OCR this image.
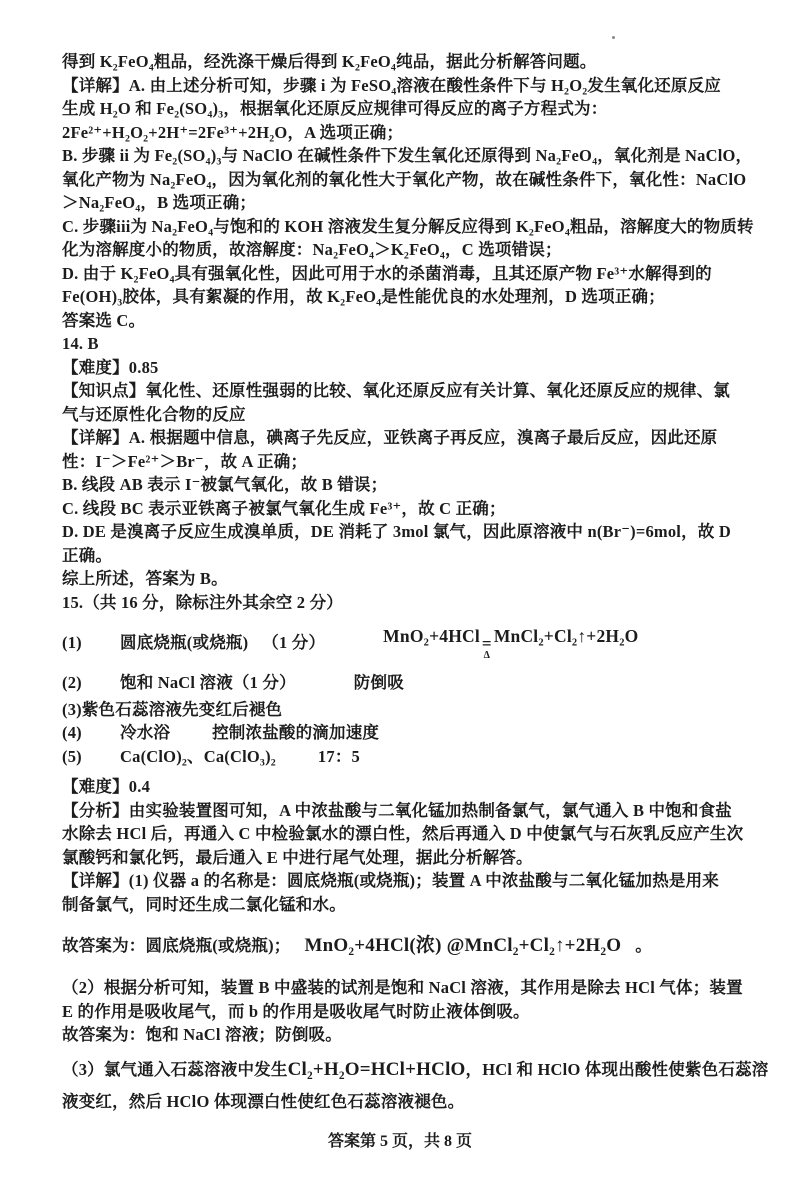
得到 K₂FeO₄粗品，经洗涤干燥后得到 K₂FeO₄纯品，据此分析解答问题。

【详解】A. 由上述分析可知，步骤 i 为 FeSO₄溶液在酸性条件下与 H₂O₂发生氧化还原反应

生成 H₂O 和 Fe₂(SO₄)₃，根据氧化还原反应规律可得反应的离子方程式为：

2Fe²⁺+H₂O₂+2H⁺=2Fe³⁺+2H₂O，A 选项正确；

B. 步骤 ii 为 Fe₂(SO₄)₃与 NaClO 在碱性条件下发生氧化还原得到 Na₂FeO₄，氧化剂是 NaClO，

氧化产物为 Na₂FeO₄，因为氧化剂的氧化性大于氧化产物，故在碱性条件下，氧化性：NaClO

＞Na₂FeO₄，B 选项正确；

C. 步骤iii为 Na₂FeO₄与饱和的 KOH 溶液发生复分解反应得到 K₂FeO₄粗品，溶解度大的物质转

化为溶解度小的物质，故溶解度：Na₂FeO₄＞K₂FeO₄，C 选项错误；

D. 由于 K₂FeO₄具有强氧化性，因此可用于水的杀菌消毒，且其还原产物 Fe³⁺水解得到的

Fe(OH)₃胶体，具有絮凝的作用，故 K₂FeO₄是性能优良的水处理剂，D 选项正确；

答案选 C。

14. B

【难度】0.85

【知识点】氧化性、还原性强弱的比较、氧化还原反应有关计算、氧化还原反应的规律、氯

气与还原性化合物的反应

【详解】A. 根据题中信息，碘离子先反应，亚铁离子再反应，溴离子最后反应，因此还原

性：I⁻＞Fe²⁺＞Br⁻，故 A 正确；

B. 线段 AB 表示 I⁻被氯气氧化，故 B 错误；

C. 线段 BC 表示亚铁离子被氯气氧化生成 Fe³⁺，故 C 正确；

D. DE 是溴离子反应生成溴单质，DE 消耗了 3mol 氯气，因此原溶液中 n(Br⁻)=6mol，故 D

正确。

综上所述，答案为 B。

15.（共 16 分，除标注外其余空 2 分）

(1)	圆底烧瓶(或烧瓶) （1 分）	MnO₂+4HCl =
Δ
MnCl₂+Cl₂↑+2H₂O

(2)	饱和 NaCl 溶液（1 分）	防倒吸

(3)紫色石蕊溶液先变红后褪色

(4)	冷水浴	控制浓盐酸的滴加速度

(5)	Ca(ClO)₂、Ca(ClO₃)₂	17：5

【难度】0.4

【分析】由实验装置图可知，A 中浓盐酸与二氧化锰加热制备氯气，氯气通入 B 中饱和食盐

水除去 HCl 后，再通入 C 中检验氯水的漂白性，然后再通入 D 中使氯气与石灰乳反应产生次

氯酸钙和氯化钙，最后通入 E 中进行尾气处理，据此分析解答。

【详解】(1) 仪器 a 的名称是：圆底烧瓶(或烧瓶)；装置 A 中浓盐酸与二氧化锰加热是用来

制备氯气，同时还生成二氯化锰和水。

故答案为：圆底烧瓶(或烧瓶)； MnO₂+4HCl(浓) @MnCl₂+Cl₂↑+2H₂O 。

（2）根据分析可知，装置 B 中盛装的试剂是饱和 NaCl 溶液，其作用是除去 HCl 气体；装置

E 的作用是吸收尾气，而 b 的作用是吸收尾气时防止液体倒吸。

故答案为：饱和 NaCl 溶液；防倒吸。

（3）氯气通入石蕊溶液中发生 Cl₂+H₂O=HCl+HClO ，HCl 和 HClO 体现出酸性使紫色石蕊溶

液变红，然后 HClO 体现漂白性使红色石蕊溶液褪色。

答案第 5 页，共 8 页
